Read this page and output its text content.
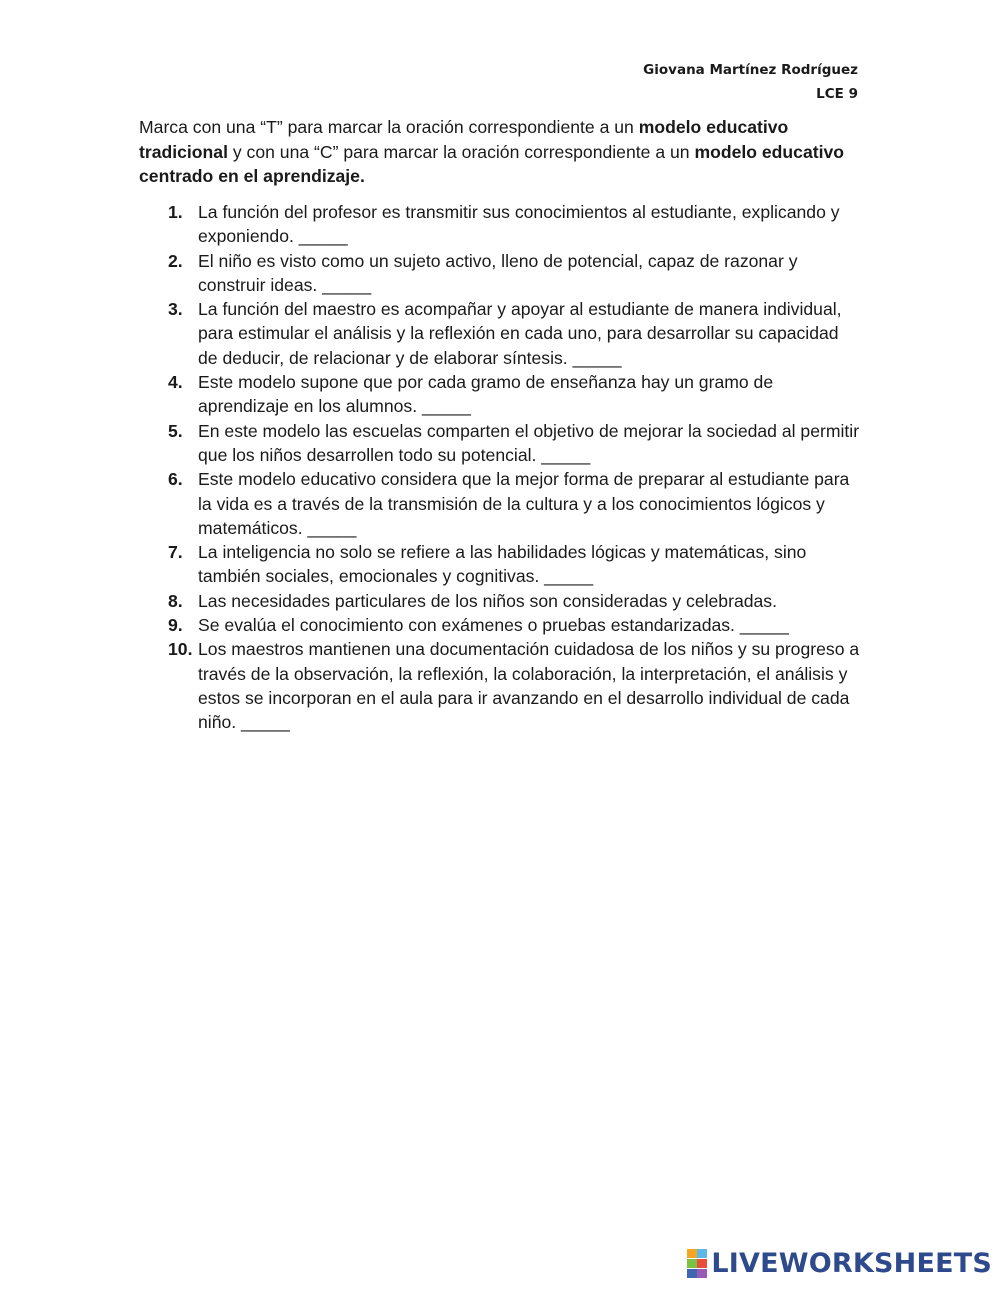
Giovana Martínez Rodríguez
LCE 9
Marca con una “T” para marcar la oración correspondiente a un modelo educativo tradicional y con una “C” para marcar la oración correspondiente a un modelo educativo centrado en el aprendizaje.
1. La función del profesor es transmitir sus conocimientos al estudiante, explicando y exponiendo. _____
2. El niño es visto como un sujeto activo, lleno de potencial, capaz de razonar y construir ideas. _____
3. La función del maestro es acompañar y apoyar al estudiante de manera individual, para estimular el análisis y la reflexión en cada uno, para desarrollar su capacidad de deducir, de relacionar y de elaborar síntesis. _____
4. Este modelo supone que por cada gramo de enseñanza hay un gramo de aprendizaje en los alumnos. _____
5. En este modelo las escuelas comparten el objetivo de mejorar la sociedad al permitir que los niños desarrollen todo su potencial. _____
6. Este modelo educativo considera que la mejor forma de preparar al estudiante para la vida es a través de la transmisión de la cultura y a los conocimientos lógicos y matemáticos. _____
7. La inteligencia no solo se refiere a las habilidades lógicas y matemáticas, sino también sociales, emocionales y cognitivas. _____
8. Las necesidades particulares de los niños son consideradas y celebradas.
9. Se evalúa el conocimiento con exámenes o pruebas estandarizadas. _____
10. Los maestros mantienen una documentación cuidadosa de los niños y su progreso a través de la observación, la reflexión, la colaboración, la interpretación, el análisis y estos se incorporan en el aula para ir avanzando en el desarrollo individual de cada niño. _____
LIVEWORKSHEETS
